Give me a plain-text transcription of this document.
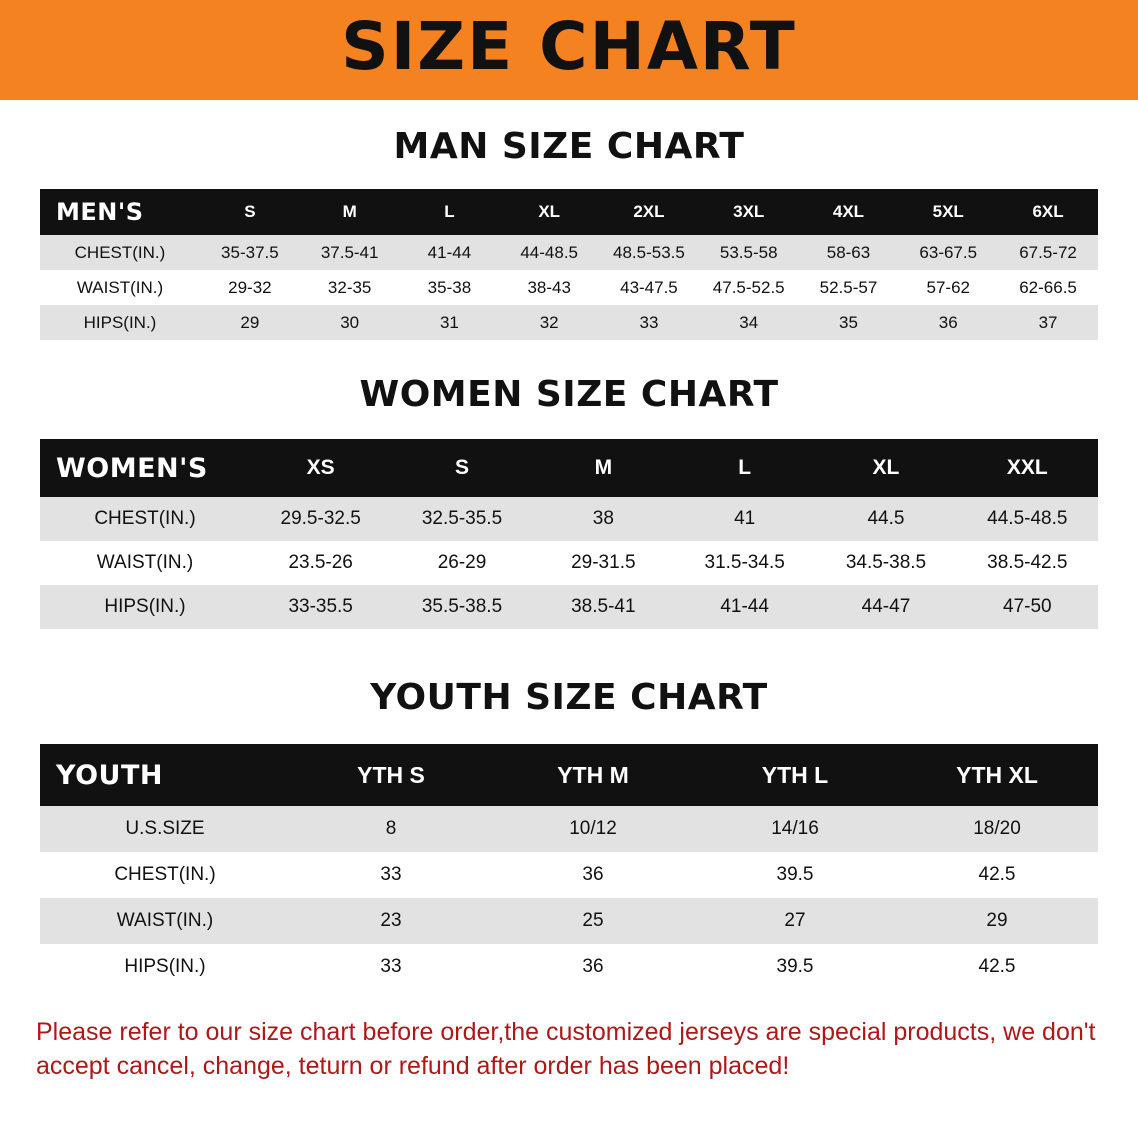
SIZE CHART
MAN SIZE CHART
MEN'S	S	M	L	XL	2XL	3XL	4XL	5XL	6XL
CHEST(IN.)	35-37.5	37.5-41	41-44	44-48.5	48.5-53.5	53.5-58	58-63	63-67.5	67.5-72
WAIST(IN.)	29-32	32-35	35-38	38-43	43-47.5	47.5-52.5	52.5-57	57-62	62-66.5
HIPS(IN.)	29	30	31	32	33	34	35	36	37
WOMEN SIZE CHART
WOMEN'S	XS	S	M	L	XL	XXL
CHEST(IN.)	29.5-32.5	32.5-35.5	38	41	44.5	44.5-48.5
WAIST(IN.)	23.5-26	26-29	29-31.5	31.5-34.5	34.5-38.5	38.5-42.5
HIPS(IN.)	33-35.5	35.5-38.5	38.5-41	41-44	44-47	47-50
YOUTH SIZE CHART
YOUTH	YTH S	YTH M	YTH L	YTH XL
U.S.SIZE	8	10/12	14/16	18/20
CHEST(IN.)	33	36	39.5	42.5
WAIST(IN.)	23	25	27	29
HIPS(IN.)	33	36	39.5	42.5
Please refer to our size chart before order,the customized jerseys are special products, we don't accept cancel, change, teturn or refund after order has been placed!
